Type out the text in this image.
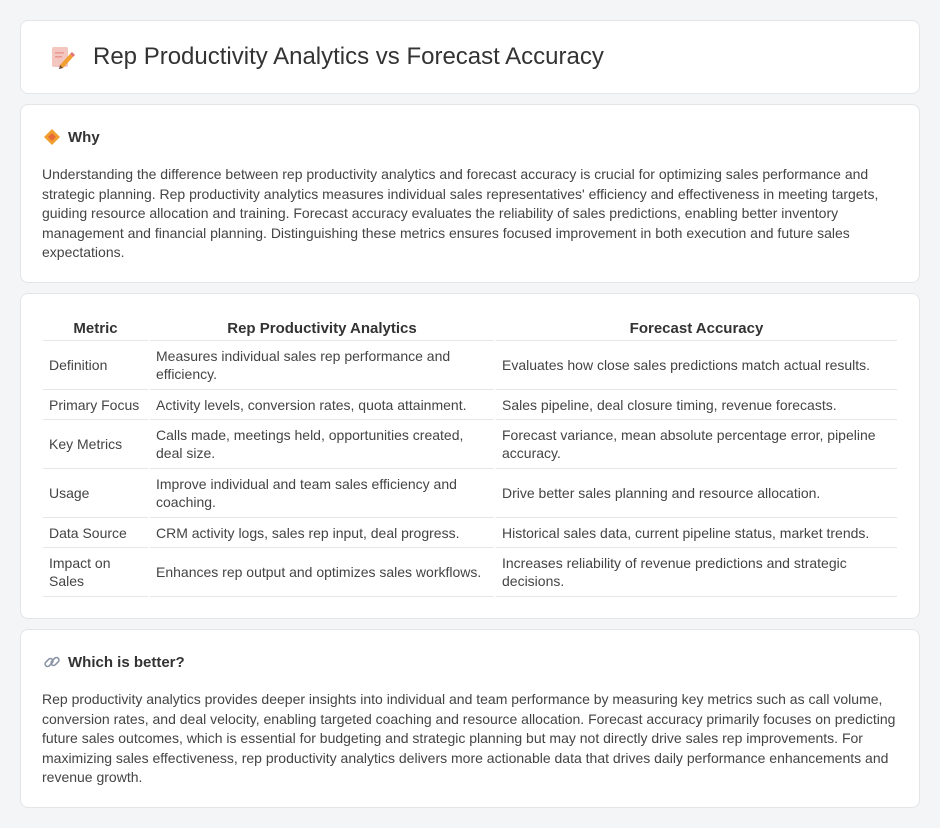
Rep Productivity Analytics vs Forecast Accuracy
Why

Understanding the difference between rep productivity analytics and forecast accuracy is crucial for optimizing sales performance and strategic planning. Rep productivity analytics measures individual sales representatives' efficiency and effectiveness in meeting targets, guiding resource allocation and training. Forecast accuracy evaluates the reliability of sales predictions, enabling better inventory management and financial planning. Distinguishing these metrics ensures focused improvement in both execution and future sales expectations.

Metric	Rep Productivity Analytics	Forecast Accuracy
Definition	Measures individual sales rep performance and efficiency.	Evaluates how close sales predictions match actual results.
Primary Focus	Activity levels, conversion rates, quota attainment.	Sales pipeline, deal closure timing, revenue forecasts.
Key Metrics	Calls made, meetings held, opportunities created, deal size.	Forecast variance, mean absolute percentage error, pipeline accuracy.
Usage	Improve individual and team sales efficiency and coaching.	Drive better sales planning and resource allocation.
Data Source	CRM activity logs, sales rep input, deal progress.	Historical sales data, current pipeline status, market trends.
Impact on Sales	Enhances rep output and optimizes sales workflows.	Increases reliability of revenue predictions and strategic decisions.
Which is better?

Rep productivity analytics provides deeper insights into individual and team performance by measuring key metrics such as call volume, conversion rates, and deal velocity, enabling targeted coaching and resource allocation. Forecast accuracy primarily focuses on predicting future sales outcomes, which is essential for budgeting and strategic planning but may not directly drive sales rep improvements. For maximizing sales effectiveness, rep productivity analytics delivers more actionable data that drives daily performance enhancements and revenue growth.
